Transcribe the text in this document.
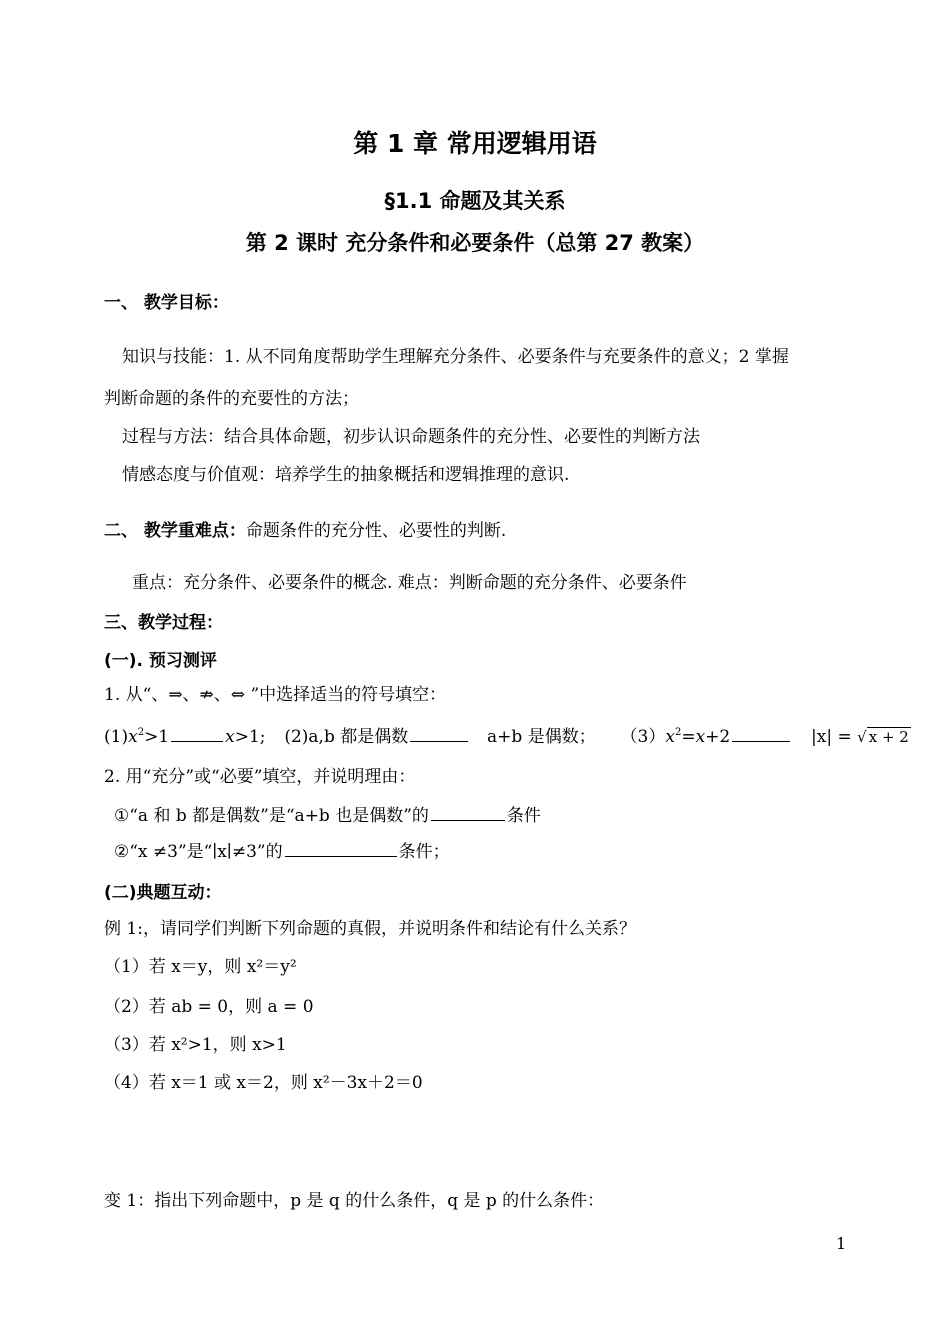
第 1 章 常用逻辑用语
§1.1 命题及其关系
第 2 课时 充分条件和必要条件（总第 27 教案）
一、 教学目标：
知识与技能：1. 从不同角度帮助学生理解充分条件、必要条件与充要条件的意义；2 掌握
判断命题的条件的充要性的方法；
过程与方法：结合具体命题，初步认识命题条件的充分性、必要性的判断方法
情感态度与价值观：培养学生的抽象概括和逻辑推理的意识.
二、 教学重难点：命题条件的充分性、必要性的判断.
重点：充分条件、必要条件的概念. 难点：判断命题的充分条件、必要条件
三、教学过程：
(一). 预习测评
1. 从“、⇒、⇏、⇔ ”中选择适当的符号填空：
$(1)x^2>1$	x>1; (2)a,b 都是偶数	a+b 是偶数； $(3)x^2=x+2$	|x| = √ x + 2
2. 用“充分”或“必要”填空，并说明理由：
①“a 和 b 都是偶数”是“a+b 也是偶数”的	条件
②“x ≠3”是“∣x∣≠3”的	条件；
(二)典题互动：
例 1:，请同学们判断下列命题的真假，并说明条件和结论有什么关系？
（1）若 x＝y，则 x²＝y²
（2）若 ab = 0，则 a = 0
（3）若 x²>1，则 x>1
（4）若 x＝1 或 x＝2，则 x²－3x＋2＝0
变 1：指出下列命题中，p 是 q 的什么条件，q 是 p 的什么条件：
1
